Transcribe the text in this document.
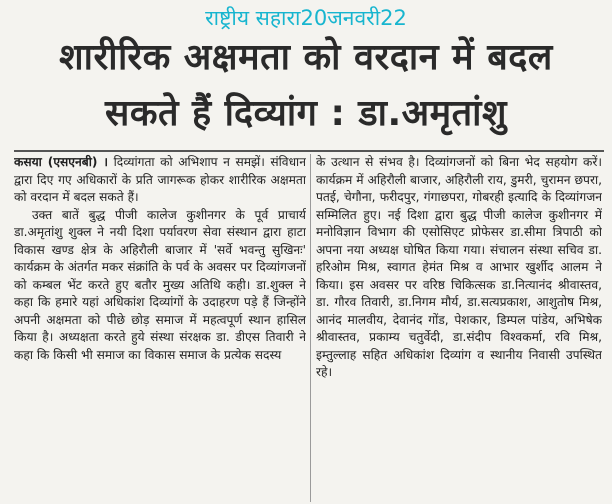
राष्ट्रीय सहारा20जनवरी22
शारीरिक अक्षमता को वरदान में बदल
सकते हैं दिव्यांग : डा.अमृतांशु

कसया (एसएनबी) । दिव्यांगता को अभिशाप न समझें। संविधान द्वारा दिए गए अधिकारों के प्रति जागरूक होकर शारीरिक अक्षमता को वरदान में बदल सकते हैं।

उक्त बातें बुद्ध पीजी कालेज कुशीनगर के पूर्व प्राचार्य डा.अमृतांशु शुक्ल ने नयी दिशा पर्यावरण सेवा संस्थान द्वारा हाटा विकास खण्ड क्षेत्र के अहिरौली बाजार में 'सर्वे भवन्तु सुखिनः' कार्यक्रम के अंतर्गत मकर संक्रांति के पर्व के अवसर पर दिव्यांगजनों को कम्बल भेंट करते हुए बतौर मुख्य अतिथि कही। डा.शुक्ल ने कहा कि हमारे यहां अधिकांश दिव्यांगों के उदाहरण पड़े हैं जिन्होंने अपनी अक्षमता को पीछे छोड़ समाज में महत्वपूर्ण स्थान हासिल किया है। अध्यक्षता करते हुये संस्था संरक्षक डा. डीएस तिवारी ने कहा कि किसी भी समाज का विकास समाज के प्रत्येक सदस्य

के उत्थान से संभव है। दिव्यांगजनों को बिना भेद सहयोग करें। कार्यक्रम में अहिरौली बाजार, अहिरौली राय, डुमरी, चुरामन छपरा, पतई, चेगौना, फरीदपुर, गंगाछपरा, गोबरही इत्यादि के दिव्यांगजन सम्मिलित हुए। नई दिशा द्वारा बुद्ध पीजी कालेज कुशीनगर में मनोविज्ञान विभाग की एसोसिएट प्रोफेसर डा.सीमा त्रिपाठी को अपना नया अध्यक्ष घोषित किया गया। संचालन संस्था सचिव डा. हरिओम मिश्र, स्वागत हेमंत मिश्र व आभार खुर्शीद आलम ने किया। इस अवसर पर वरिष्ठ चिकित्सक डा.नित्यानंद श्रीवास्तव, डा. गौरव तिवारी, डा.निगम मौर्य, डा.सत्यप्रकाश, आशुतोष मिश्र, आनंद मालवीय, देवानंद गोंड, पेशकार, डिम्पल पांडेय, अभिषेक श्रीवास्तव, प्रकाम्य चतुर्वेदी, डा.संदीप विश्वकर्मा, रवि मिश्र, इम्तुल्लाह सहित अधिकांश दिव्यांग व स्थानीय निवासी उपस्थित रहे।
